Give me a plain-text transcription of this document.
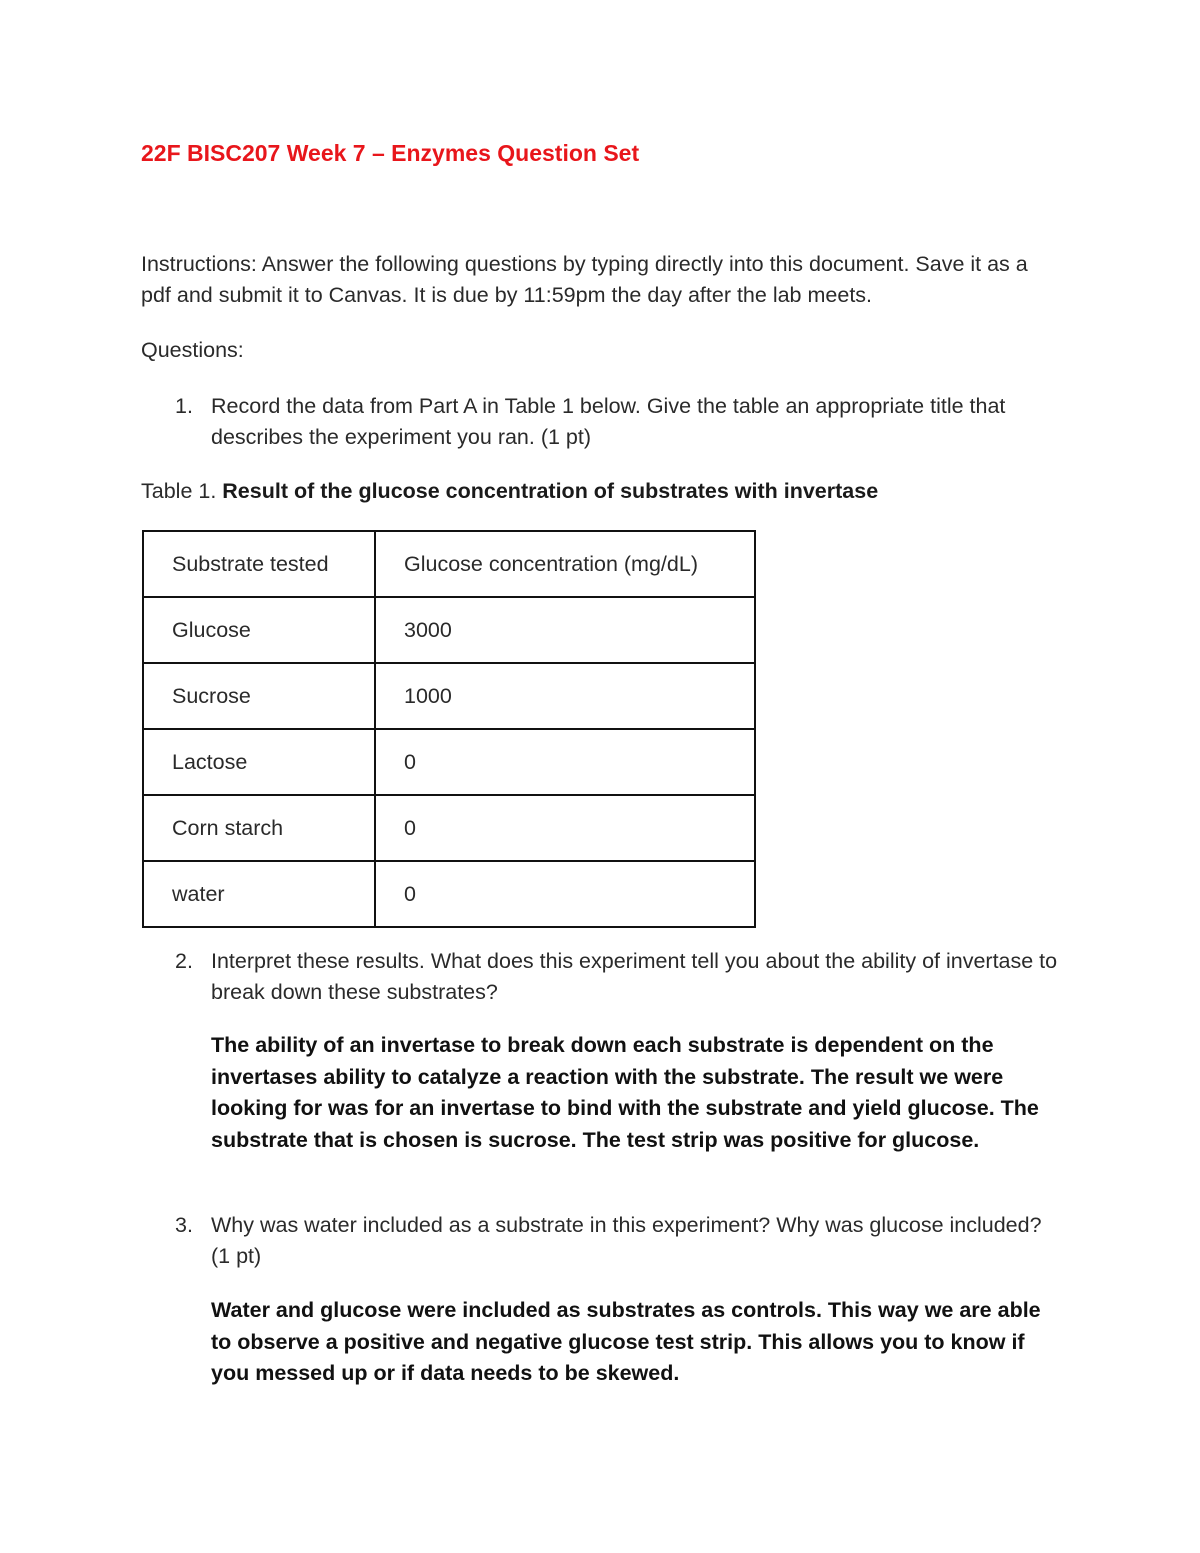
22F BISC207 Week 7 – Enzymes Question Set

Instructions: Answer the following questions by typing directly into this document. Save it as a pdf and submit it to Canvas. It is due by 11:59pm the day after the lab meets.

Questions:

1. Record the data from Part A in Table 1 below. Give the table an appropriate title that describes the experiment you ran. (1 pt)

Table 1. Result of the glucose concentration of substrates with invertase

Substrate tested	Glucose concentration (mg/dL)
Glucose	3000
Sucrose	1000
Lactose	0
Corn starch	0
water	0
2. Interpret these results. What does this experiment tell you about the ability of invertase to break down these substrates?

The ability of an invertase to break down each substrate is dependent on the invertases ability to catalyze a reaction with the substrate. The result we were looking for was for an invertase to bind with the substrate and yield glucose. The substrate that is chosen is sucrose. The test strip was positive for glucose.

3. Why was water included as a substrate in this experiment? Why was glucose included? (1 pt)

Water and glucose were included as substrates as controls. This way we are able to observe a positive and negative glucose test strip. This allows you to know if you messed up or if data needs to be skewed.
